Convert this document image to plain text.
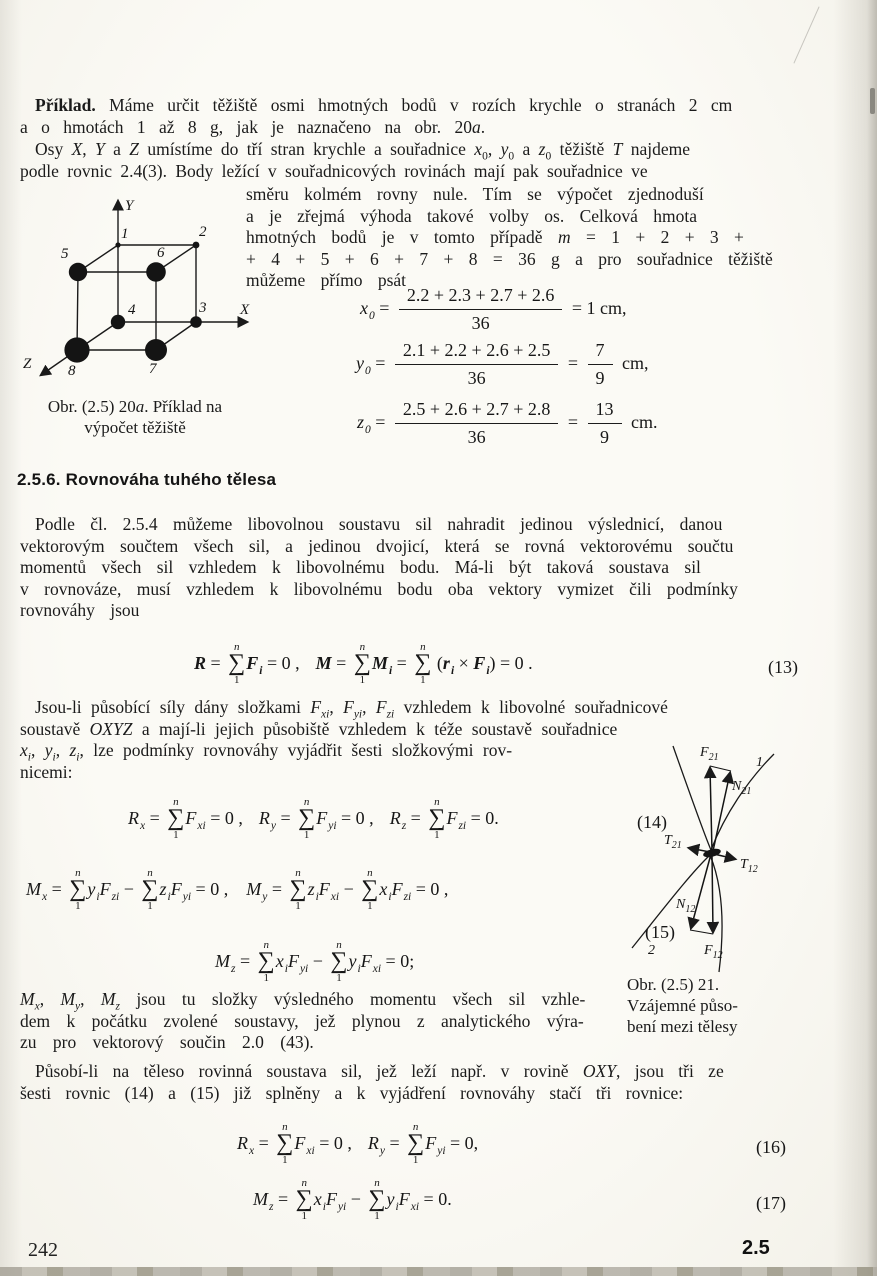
Příklad. Máme určit těžiště osmi hmotných bodů v rozích krychle o stranách 2 cm
a o hmotách 1 až 8 g, jak je naznačeno na obr. 20a.
Osy X, Y a Z umístíme do tří stran krychle a souřadnice $x_0$, $y_0$ a $z_0$ těžiště T najdeme
podle rovnic 2.4(3). Body ležící v souřadnicových rovinách mají pak souřadnice ve
směru kolmém rovny nule. Tím se výpočet zjednoduší
a je zřejmá výhoda takové volby os. Celková hmota
hmotných bodů je v tomto případě m = 1 + 2 + 3 +
+ 4 + 5 + 6 + 7 + 8 = 36 g a pro souřadnice těžiště
můžeme přímo psát
1	2
3
4
5	6
7
8
Y
X
Z
Obr. (2.5) 20a. Příklad na
výpočet těžiště
$x_0 = \frac{2.2 + 2.3 + 2.7 + 2.6}{36} = 1$ cm,
$y_0 = \frac{2.1 + 2.2 + 2.6 + 2.5}{36} = \frac{7}{9}$ cm,
$z_0 = \frac{2.5 + 2.6 + 2.7 + 2.8}{36} = \frac{13}{9}$ cm.
2.5.6. Rovnováha tuhého tělesa
Podle čl. 2.5.4 můžeme libovolnou soustavu sil nahradit jedinou výslednicí, danou
vektorovým součtem všech sil, a jedinou dvojicí, která se rovná vektorovému součtu
momentů všech sil vzhledem k libovolnému bodu. Má-li být taková soustava sil
v rovnováze, musí vzhledem k libovolnému bodu oba vektory vymizet čili podmínky
rovnováhy jsou
R =
n
∑
1
$F_i = 0$ , M =
n
∑
1
$M_i$ =
n
∑
1
( $r_i \times F_i$ ) = 0 .	(13)
Jsou-li působící síly dány složkami $F_{xi}$, $F_{yi}$, $F_{zi}$ vzhledem k libovolné souřadnicové
soustavě OXYZ a mají-li jejich působiště vzhledem k téže soustavě souřadnice
$x_i$, $y_i$, $z_i$, lze podmínky rovnováhy vyjádřit šesti složkovými rov-
nicemi:
$R_x$ =
n
∑
1
$F_{xi} = 0$ , $R_y$ =
n
∑
1
$F_{yi} = 0$ , $R_z$ =
n
∑
1
$F_{zi} = 0$.	(14)
$M_x$ =
n
∑
1
$y_i$ $F_{zi}$ −
n
∑
1
$z_i$ $F_{yi} = 0$ , $M_y$ =
n
∑
1
$z_i$ $F_{xi}$ −
n
∑
1
$x_i$ $F_{zi} = 0$ ,
$M_z$ =
n
∑
1
$x_i$ $F_{yi}$ −
n
∑
1
$y_i$ $F_{xi} = 0$;
(15)
$F_{21}$
$N_{21}$
$T_{21}$
$T_{12}$
$N_{12}$
$F_{12}$
1
2
Obr. (2.5) 21.
Vzájemné půso-
bení mezi tělesy
$M_x$, $M_y$, $M_z$ jsou tu složky výsledného momentu všech sil vzhle-
dem k počátku zvolené soustavy, jež plynou z analytického výra-
zu pro vektorový součin 2.0 (43).
Působí-li na těleso rovinná soustava sil, jež leží např. v rovině OXY, jsou tři ze
šesti rovnic (14) a (15) již splněny a k vyjádření rovnováhy stačí tři rovnice:
$R_x$ =
n
∑
1
$F_{xi} = 0$ , $R_y$ =
n
∑
1
$F_{yi} = 0$,	(16)
$M_z$ =
n
∑
1
$x_i$ $F_{yi}$ −
n
∑
1
$y_i$ $F_{xi} = 0$.	(17)
242	2.5
